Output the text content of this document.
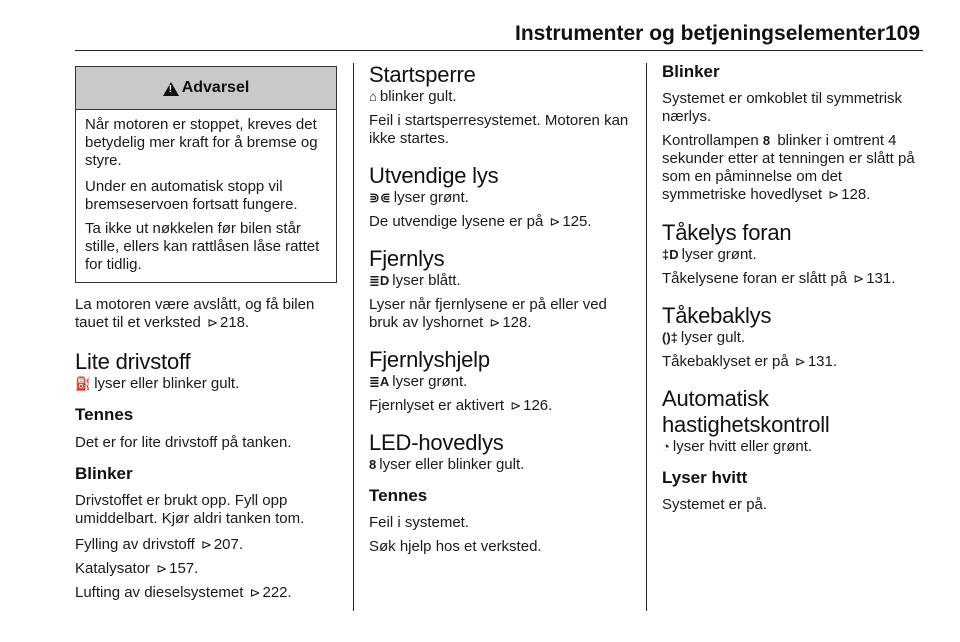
Instrumenter og betjeningselementer 109
!
Advarsel

Når motoren er stoppet, kreves det betydelig mer kraft for å bremse og styre.

Under en automatisk stopp vil bremseservoen fortsatt fungere.

Ta ikke ut nøkkelen før bilen står stille, ellers kan rattlåsen låse rattet for tidlig.

La motoren være avslått, og få bilen tauet til et verksted ⊳ 218.

Lite drivstoff

⛽ lyser eller blinker gult.

Tennes

Det er for lite drivstoff på tanken.

Blinker

Drivstoffet er brukt opp. Fyll opp umiddelbart. Kjør aldri tanken tom.

Fylling av drivstoff ⊳ 207.

Katalysator ⊳ 157.

Lufting av dieselsystemet ⊳ 222.

Startsperre

⌂ blinker gult.

Feil i startsperresystemet. Motoren kan ikke startes.

Utvendige lys

⋑⋐ lyser grønt.

De utvendige lysene er på ⊳ 125.

Fjernlys

≣D lyser blått.

Lyser når fjernlysene er på eller ved bruk av lyshornet ⊳ 128.

Fjernlyshjelp

≣A lyser grønt.

Fjernlyset er aktivert ⊳ 126.

LED-hovedlys

8 lyser eller blinker gult.

Tennes

Feil i systemet.

Søk hjelp hos et verksted.

Blinker

Systemet er omkoblet til symmetrisk nærlys.

Kontrollampen 8 blinker i omtrent 4 sekunder etter at tenningen er slått på som en påminnelse om det symmetriske hovedlyset ⊳ 128.

Tåkelys foran

‡D lyser grønt.

Tåkelysene foran er slått på ⊳ 131.

Tåkebaklys

()‡ lyser gult.

Tåkebaklyset er på ⊳ 131.

Automatisk
hastighetskontroll

◔ lyser hvitt eller grønt.

Lyser hvitt

Systemet er på.
